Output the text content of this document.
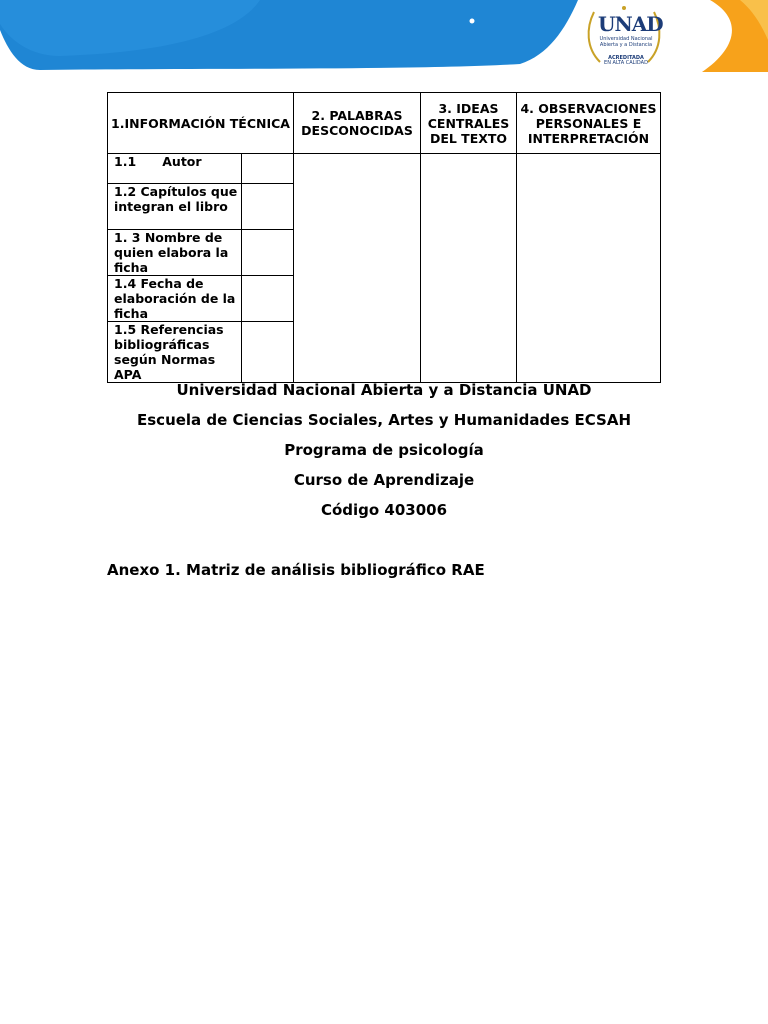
UNAD
Universidad Nacional Abierta y a Distancia
ACREDITADA
EN ALTA CALIDAD
1.INFORMACIÓN TÉCNICA		2. PALABRAS DESCONOCIDAS	3. IDEAS CENTRALES DEL TEXTO	4. OBSERVACIONES PERSONALES E INTERPRETACIÓN
1.1      Autor				
1.2 Capítulos que integran el libro				
1. 3 Nombre de quien elabora la ficha				
1.4 Fecha de elaboración de la ficha				
1.5 Referencias bibliográficas según Normas APA				
Universidad Nacional Abierta y a Distancia UNAD
Escuela de Ciencias Sociales, Artes y Humanidades ECSAH
Programa de psicología
Curso de Aprendizaje
Código 403006
Anexo 1. Matriz de análisis bibliográfico RAE
